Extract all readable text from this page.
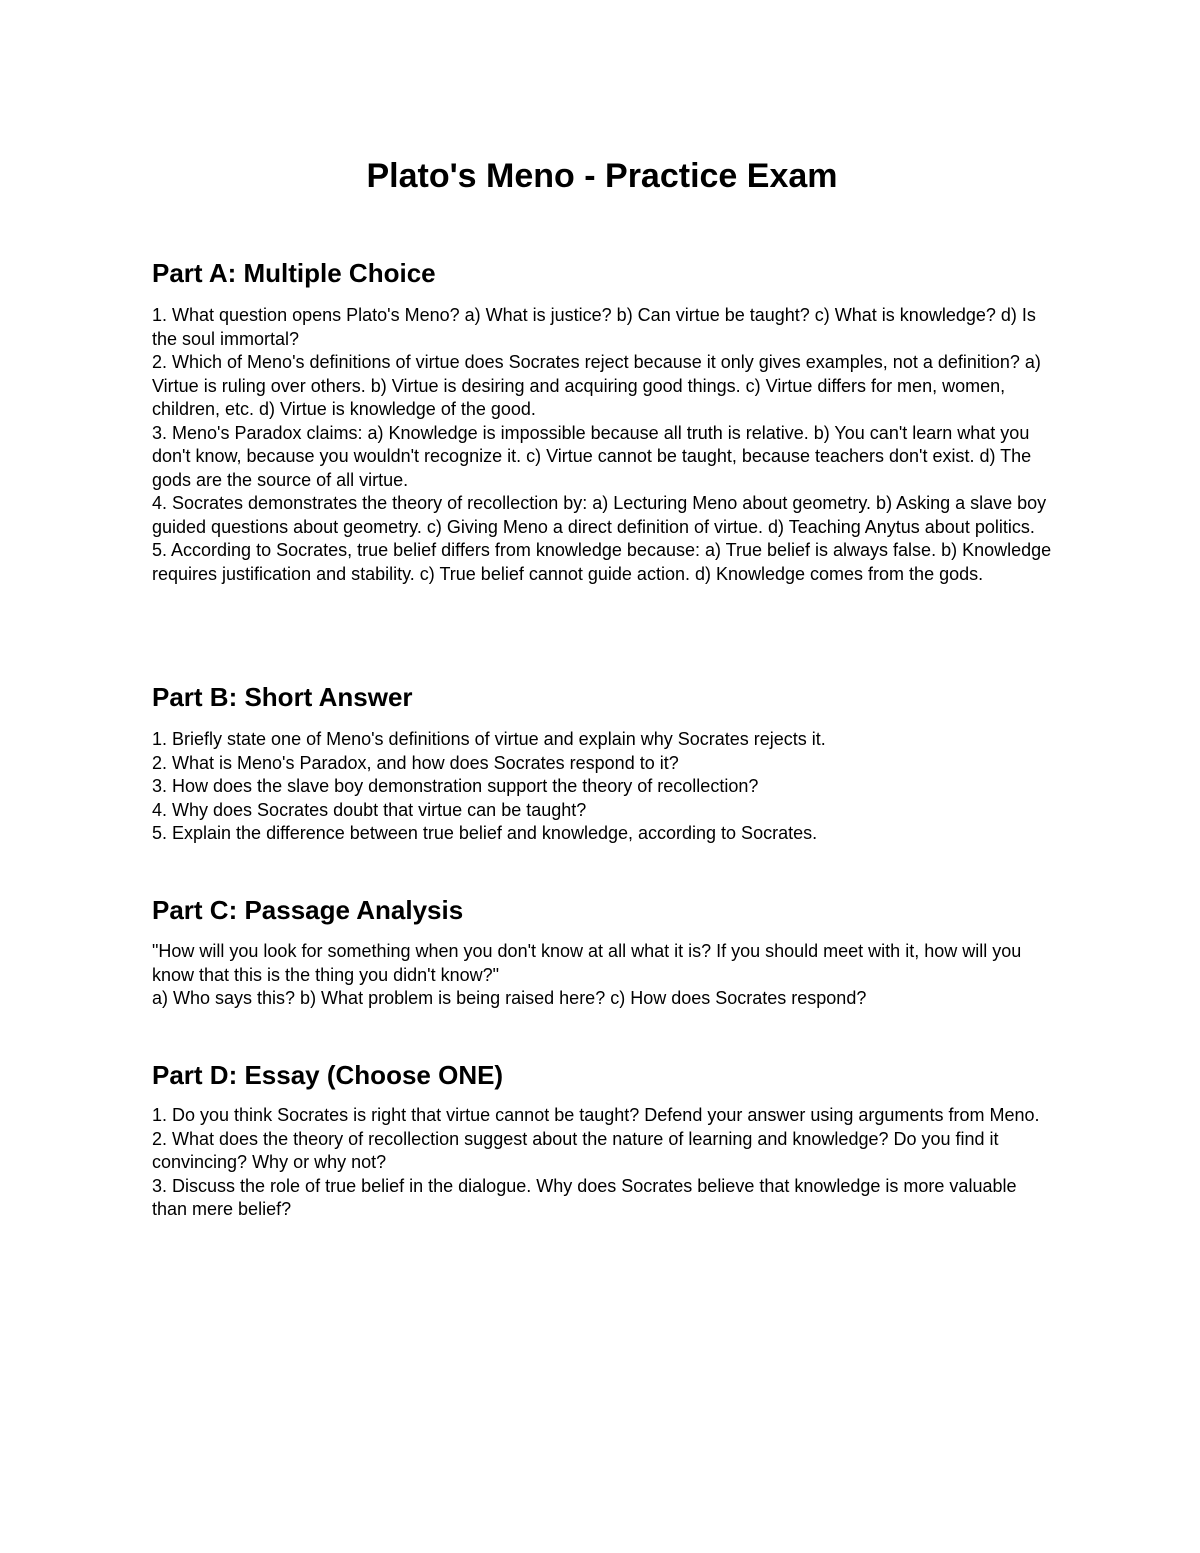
Plato's Meno - Practice Exam
Part A: Multiple Choice

1. What question opens Plato's Meno? a) What is justice? b) Can virtue be taught? c) What is knowledge? d) Is the soul immortal?

2. Which of Meno's definitions of virtue does Socrates reject because it only gives examples, not a definition? a) Virtue is ruling over others. b) Virtue is desiring and acquiring good things. c) Virtue differs for men, women, children, etc. d) Virtue is knowledge of the good.

3. Meno's Paradox claims: a) Knowledge is impossible because all truth is relative. b) You can't learn what you don't know, because you wouldn't recognize it. c) Virtue cannot be taught, because teachers don't exist. d) The gods are the source of all virtue.

4. Socrates demonstrates the theory of recollection by: a) Lecturing Meno about geometry. b) Asking a slave boy guided questions about geometry. c) Giving Meno a direct definition of virtue. d) Teaching Anytus about politics.

5. According to Socrates, true belief differs from knowledge because: a) True belief is always false. b) Knowledge requires justification and stability. c) True belief cannot guide action. d) Knowledge comes from the gods.

Part B: Short Answer

1. Briefly state one of Meno's definitions of virtue and explain why Socrates rejects it.

2. What is Meno's Paradox, and how does Socrates respond to it?

3. How does the slave boy demonstration support the theory of recollection?

4. Why does Socrates doubt that virtue can be taught?

5. Explain the difference between true belief and knowledge, according to Socrates.

Part C: Passage Analysis

"How will you look for something when you don't know at all what it is? If you should meet with it, how will you know that this is the thing you didn't know?"

a) Who says this? b) What problem is being raised here? c) How does Socrates respond?

Part D: Essay (Choose ONE)

1. Do you think Socrates is right that virtue cannot be taught? Defend your answer using arguments from Meno.

2. What does the theory of recollection suggest about the nature of learning and knowledge? Do you find it convincing? Why or why not?

3. Discuss the role of true belief in the dialogue. Why does Socrates believe that knowledge is more valuable than mere belief?
